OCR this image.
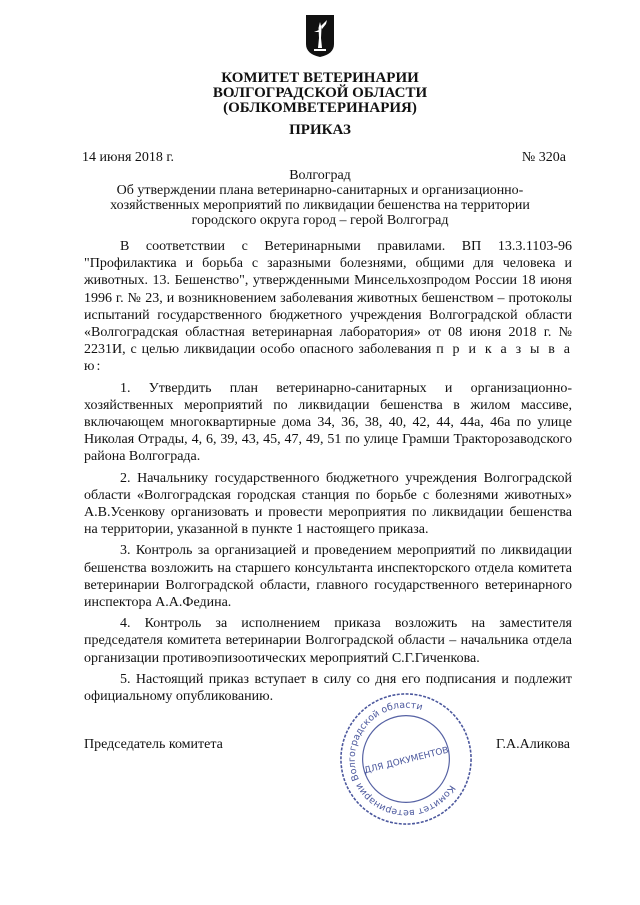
КОМИТЕТ ВЕТЕРИНАРИИ
ВОЛГОГРАДСКОЙ ОБЛАСТИ
(ОБЛКОМВЕТЕРИНАРИЯ)
ПРИКАЗ
14 июня 2018 г.	№ 320а
Волгоград
Об утверждении плана ветеринарно-санитарных и организационно-
хозяйственных мероприятий по ликвидации бешенства на территории
городского округа город – герой Волгоград

В соответствии с Ветеринарными правилами. ВП 13.3.1103-96 "Профилактика и борьба с заразными болезнями, общими для человека и животных. 13. Бешенство", утвержденными Минсельхозпродом России 18 июня 1996 г. № 23, и возникновением заболевания животных бешенством – протоколы испытаний государственного бюджетного учреждения Волгоградской области «Волгоградская областная ветеринарная лаборатория» от 08 июня 2018 г. № 2231И, с целью ликвидации особо опасного заболевания п р и к а з ы в а ю:

1. Утвердить план ветеринарно-санитарных и организационно-хозяйственных мероприятий по ликвидации бешенства в жилом массиве, включающем многоквартирные дома 34, 36, 38, 40, 42, 44, 44а, 46а по улице Николая Отрады, 4, 6, 39, 43, 45, 47, 49, 51 по улице Грамши Тракторозаводского района Волгограда.

2. Начальнику государственного бюджетного учреждения Волгоградской области «Волгоградская городская станция по борьбе с болезнями животных» А.В.Усенкову организовать и провести мероприятия по ликвидации бешенства на территории, указанной в пункте 1 настоящего приказа.

3. Контроль за организацией и проведением мероприятий по ликвидации бешенства возложить на старшего консультанта инспекторского отдела комитета ветеринарии Волгоградской области, главного государственного ветеринарного инспектора А.А.Федина.

4. Контроль за исполнением приказа возложить на заместителя председателя комитета ветеринарии Волгоградской области – начальника отдела организации противоэпизоотических мероприятий С.Г.Гиченкова.

5. Настоящий приказ вступает в силу со дня его подписания и подлежит официальному опубликованию.

Председатель комитета	Г.А.Аликова
Комитет ветеринарии Волгоградской области
ДЛЯ ДОКУМЕНТОВ
